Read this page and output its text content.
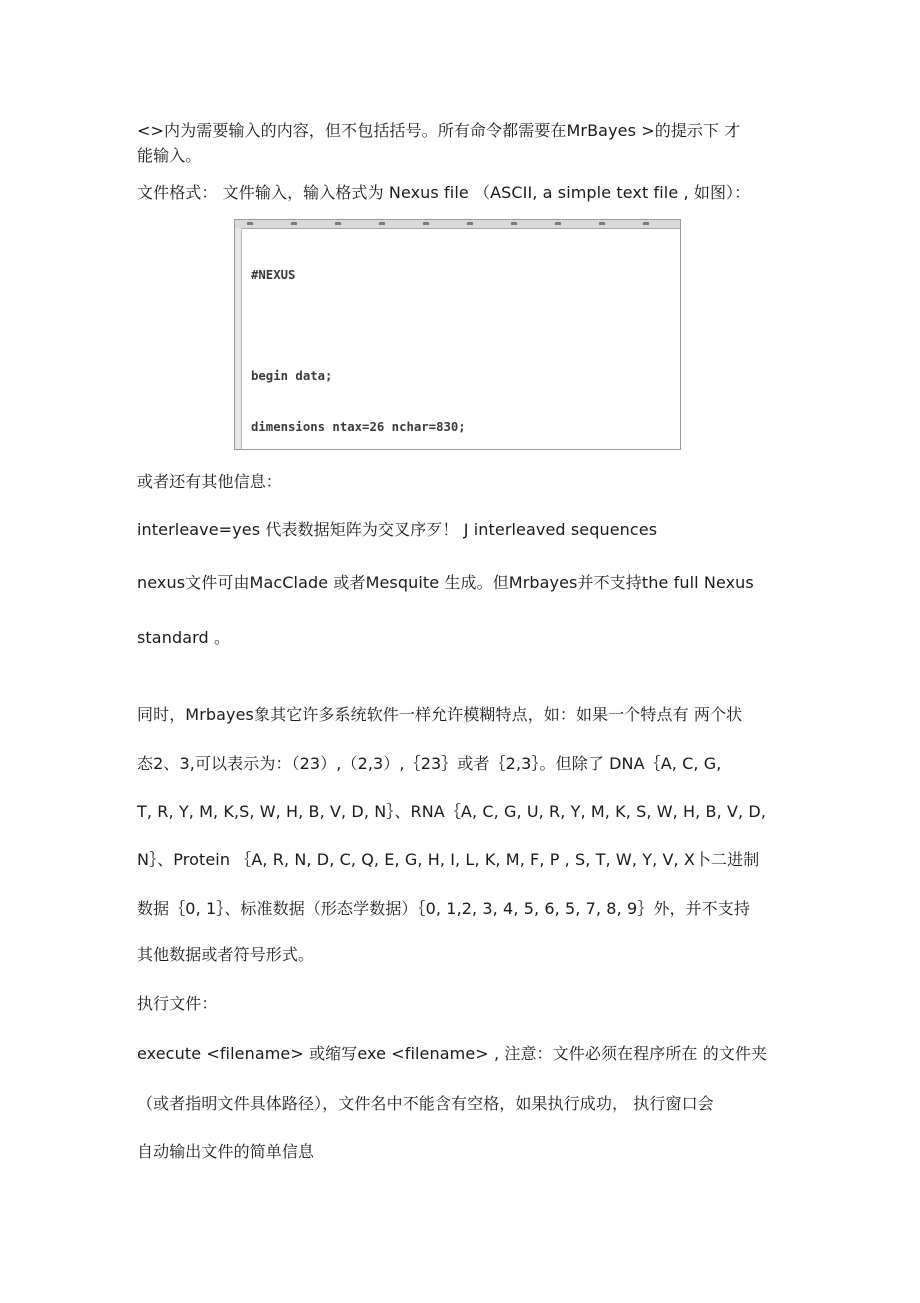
<>内为需要输入的内容，但不包括括号。所有命令都需要在MrBayes >的提示下 才
能输入。
文件格式： 文件输入，输入格式为 Nexus file （ASCII, a simple text file , 如图）：

#NEXUS

begin data;

dimensions ntax=26 nchar=830;

或者还有其他信息：
interleave=yes 代表数据矩阵为交叉序歹！ J interleaved sequences
nexus文件可由MacClade 或者Mesquite 生成。但Mrbayes并不支持the full Nexus
standard 。
同时，Mrbayes象其它许多系统软件一样允许模糊特点，如：如果一个特点有 两个状
态2、3,可以表示为：（23）,（2,3）,｛23｝或者｛2,3｝。但除了 DNA｛A, C, G,
T, R, Y, M, K,S, W, H, B, V, D, N｝、RNA｛A, C, G, U, R, Y, M, K, S, W, H, B, V, D,
N｝、Protein ｛A, R, N, D, C, Q, E, G, H, I, L, K, M, F, P , S, T, W, Y, V, X卜二进制
数据｛0, 1｝、标准数据（形态学数据）｛0, 1,2, 3, 4, 5, 6, 5, 7, 8, 9｝外，并不支持
其他数据或者符号形式。
执行文件：
execute <filename> 或缩写exe <filename> , 注意：文件必须在程序所在 的文件夹
（或者指明文件具体路径），文件名中不能含有空格，如果执行成功， 执行窗口会
自动输出文件的简单信息
